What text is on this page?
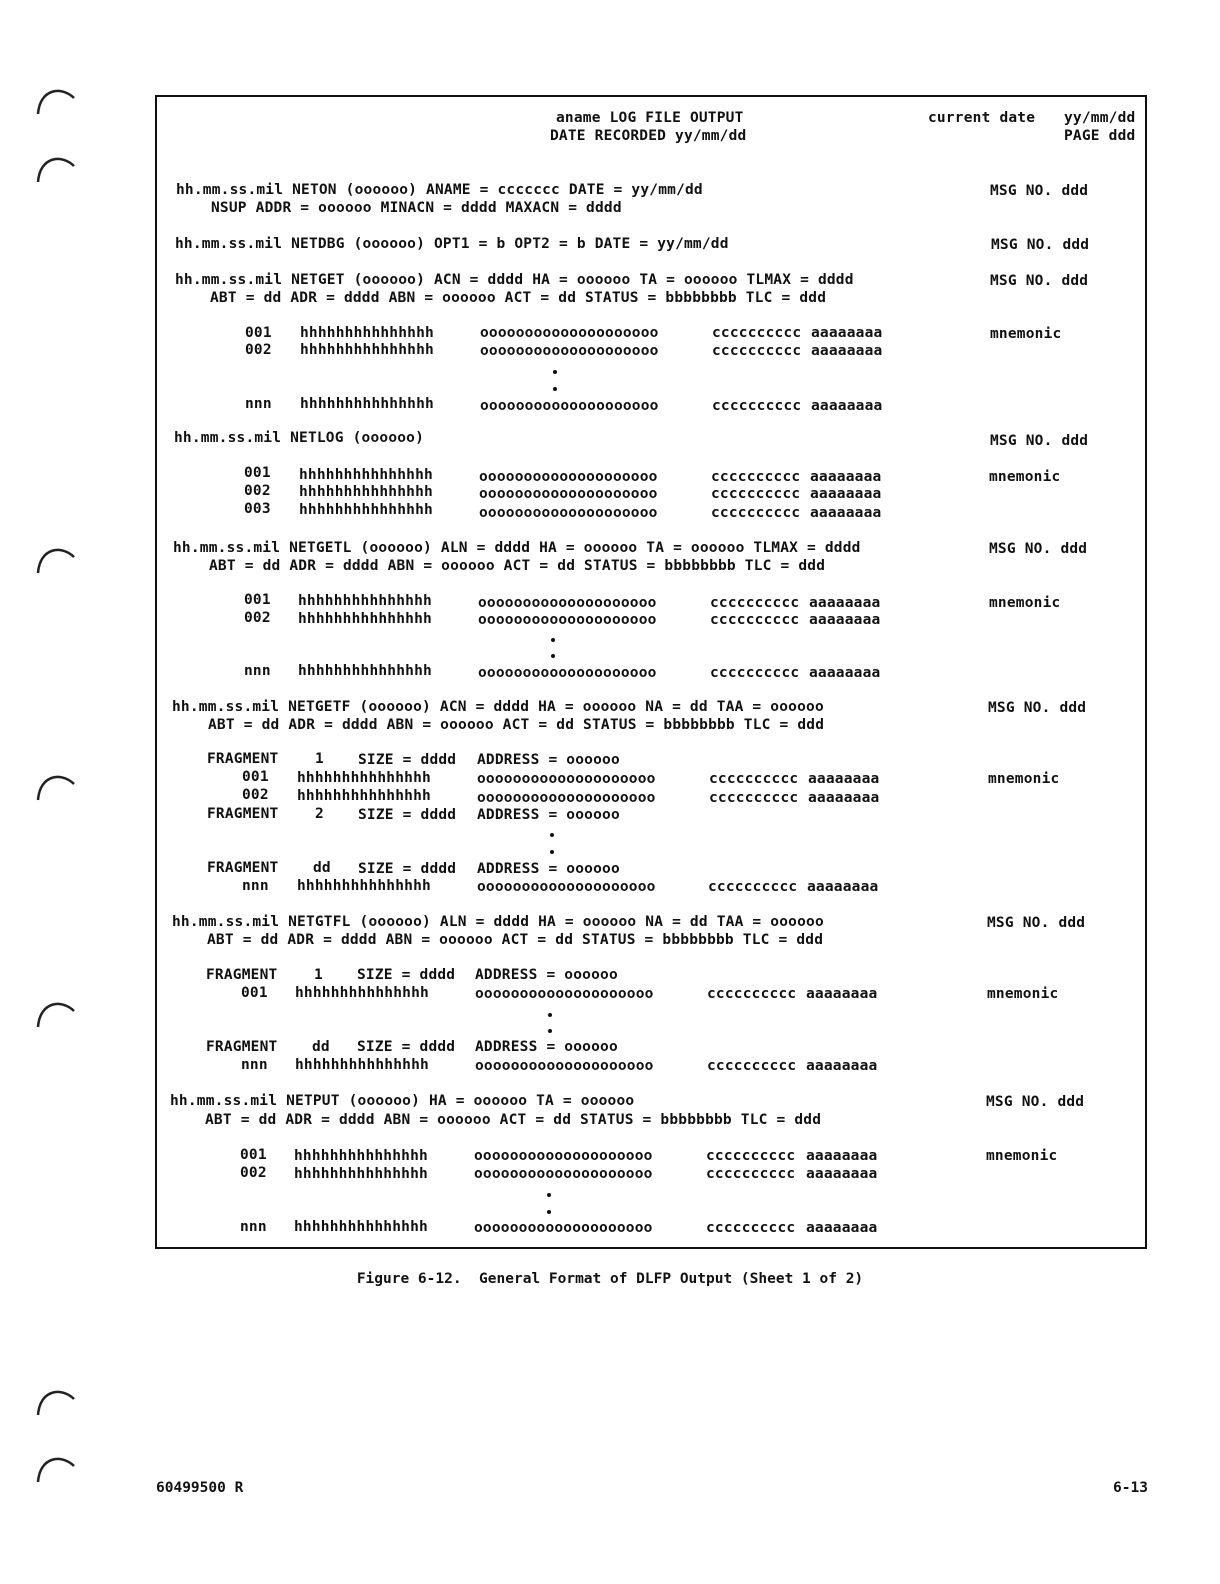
aname LOG FILE OUTPUT
DATE RECORDED yy/mm/dd
current date yy/mm/dd
PAGE ddd
hh.mm.ss.mil NETON (oooooo) ANAME = ccccccc DATE = yy/mm/dd
NSUP ADDR = oooooo MINACN = dddd MAXACN = dddd
MSG NO. ddd
hh.mm.ss.mil NETDBG (oooooo) OPT1 = b OPT2 = b DATE = yy/mm/dd	MSG NO. ddd
hh.mm.ss.mil NETGET (oooooo) ACN = dddd HA = oooooo TA = oooooo TLMAX = dddd
ABT = dd ADR = dddd ABN = oooooo ACT = dd STATUS = bbbbbbbb TLC = ddd
MSG NO. ddd
001 hhhhhhhhhhhhhhh	oooooooooooooooooooo	cccccccccc aaaaaaaa	mnemonic
002 hhhhhhhhhhhhhhh	oooooooooooooooooooo	cccccccccc aaaaaaaa
nnn hhhhhhhhhhhhhhh	oooooooooooooooooooo	cccccccccc aaaaaaaa
hh.mm.ss.mil NETLOG (oooooo)	MSG NO. ddd
001 hhhhhhhhhhhhhhh	oooooooooooooooooooo	cccccccccc aaaaaaaa	mnemonic
002 hhhhhhhhhhhhhhh	oooooooooooooooooooo	cccccccccc aaaaaaaa
003 hhhhhhhhhhhhhhh	oooooooooooooooooooo	cccccccccc aaaaaaaa
hh.mm.ss.mil NETGETL (oooooo) ALN = dddd HA = oooooo TA = oooooo TLMAX = dddd
ABT = dd ADR = dddd ABN = oooooo ACT = dd STATUS = bbbbbbbb TLC = ddd
MSG NO. ddd
001 hhhhhhhhhhhhhhh	oooooooooooooooooooo	cccccccccc aaaaaaaa	mnemonic
002 hhhhhhhhhhhhhhh	oooooooooooooooooooo	cccccccccc aaaaaaaa
nnn hhhhhhhhhhhhhhh	oooooooooooooooooooo	cccccccccc aaaaaaaa
hh.mm.ss.mil NETGETF (oooooo) ACN = dddd HA = oooooo NA = dd TAA = oooooo
ABT = dd ADR = dddd ABN = oooooo ACT = dd STATUS = bbbbbbbb TLC = ddd
MSG NO. ddd
FRAGMENT	1 SIZE = dddd ADDRESS = oooooo
001 hhhhhhhhhhhhhhh	oooooooooooooooooooo	cccccccccc aaaaaaaa	mnemonic
002 hhhhhhhhhhhhhhh	oooooooooooooooooooo	cccccccccc aaaaaaaa
FRAGMENT	2 SIZE = dddd ADDRESS = oooooo
FRAGMENT dd SIZE = dddd ADDRESS = oooooo
nnn hhhhhhhhhhhhhhh	oooooooooooooooooooo	cccccccccc aaaaaaaa
hh.mm.ss.mil NETGTFL (oooooo) ALN = dddd HA = oooooo NA = dd TAA = oooooo
ABT = dd ADR = dddd ABN = oooooo ACT = dd STATUS = bbbbbbbb TLC = ddd
MSG NO. ddd
FRAGMENT	1 SIZE = dddd ADDRESS = oooooo
001 hhhhhhhhhhhhhhh	oooooooooooooooooooo	cccccccccc aaaaaaaa	mnemonic
FRAGMENT dd SIZE = dddd ADDRESS = oooooo
nnn hhhhhhhhhhhhhhh	oooooooooooooooooooo	cccccccccc aaaaaaaa
hh.mm.ss.mil NETPUT (oooooo) HA = oooooo TA = oooooo
ABT = dd ADR = dddd ABN = oooooo ACT = dd STATUS = bbbbbbbb TLC = ddd
MSG NO. ddd
001 hhhhhhhhhhhhhhh	oooooooooooooooooooo	cccccccccc aaaaaaaa	mnemonic
002 hhhhhhhhhhhhhhh	oooooooooooooooooooo	cccccccccc aaaaaaaa
nnn hhhhhhhhhhhhhhh	oooooooooooooooooooo	cccccccccc aaaaaaaa
Figure 6-12.  General Format of DLFP Output (Sheet 1 of 2)
60499500 R	6-13
